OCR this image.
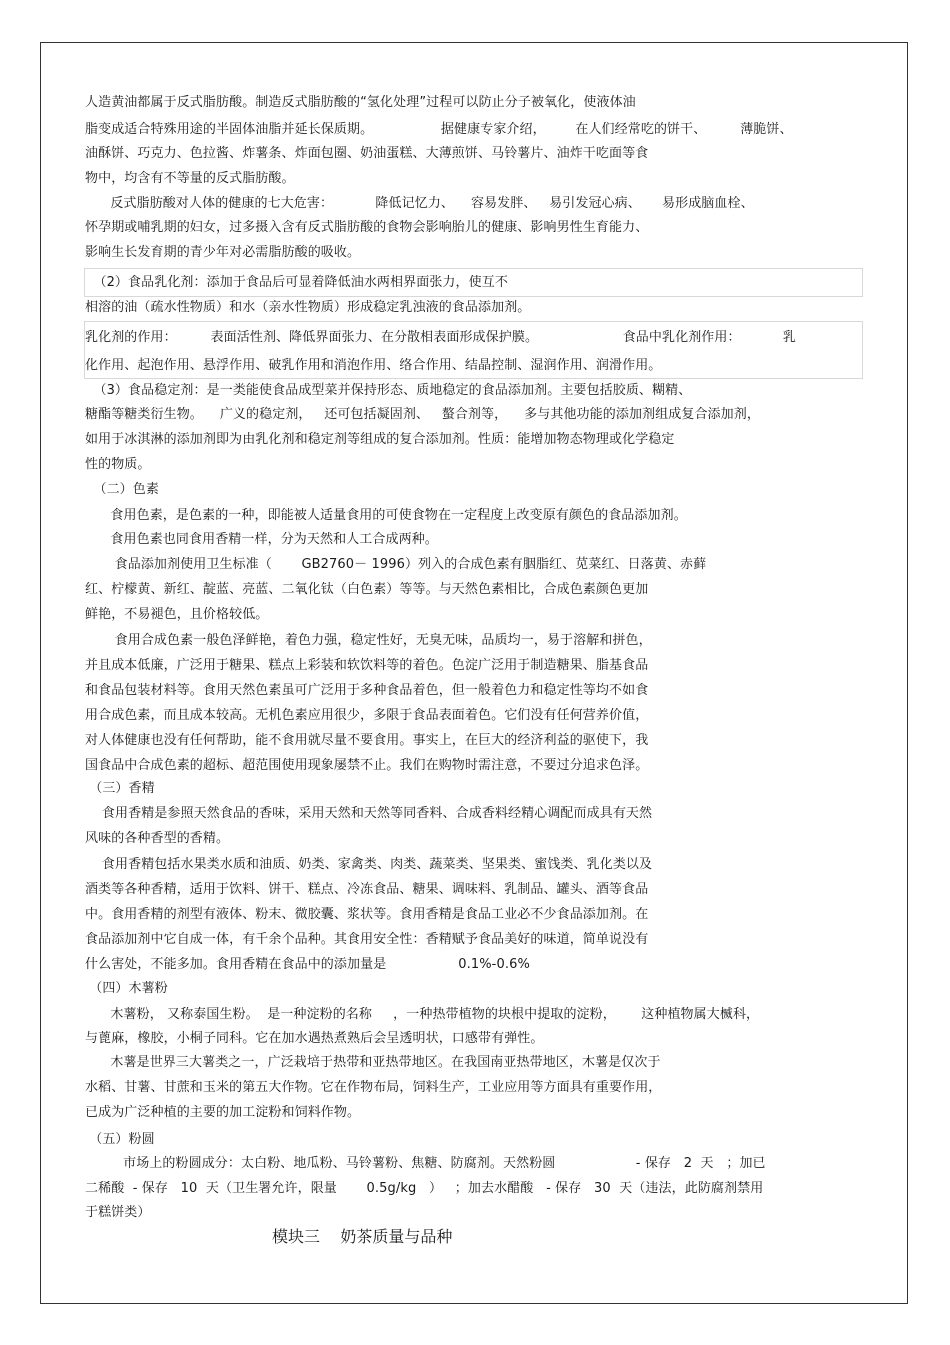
人造黄油都属于反式脂肪酸。制造反式脂肪酸的“氢化处理”过程可以防止分子被氧化，使液体油
脂变成适合特殊用途的半固体油脂并延长保质期。                据健康专家介绍，       在人们经常吃的饼干、        薄脆饼、
油酥饼、巧克力、色拉酱、炸薯条、炸面包圈、奶油蛋糕、大薄煎饼、马铃薯片、油炸干吃面等食
物中，均含有不等量的反式脂肪酸。
反式脂肪酸对人体的健康的七大危害：          降低记忆力、    容易发胖、   易引发冠心病、     易形成脑血栓、
怀孕期或哺乳期的妇女，过多摄入含有反式脂肪酸的食物会影响胎儿的健康、影响男性生育能力、
影响生长发育期的青少年对必需脂肪酸的吸收。
（2）食品乳化剂：添加于食品后可显着降低油水两相界面张力，使互不
相溶的油（疏水性物质）和水（亲水性物质）形成稳定乳浊液的食品添加剂。
乳化剂的作用：        表面活性剂、降低界面张力、在分散相表面形成保护膜。                    食品中乳化剂作用：          乳
化作用、起泡作用、悬浮作用、破乳作用和消泡作用、络合作用、结晶控制、湿润作用、润滑作用。
（3）食品稳定剂：是一类能使食品成型菜并保持形态、质地稳定的食品添加剂。主要包括胶质、糊精、
糖酯等糖类衍生物。    广义的稳定剂，   还可包括凝固剂、   螯合剂等，    多与其他功能的添加剂组成复合添加剂，
如用于冰淇淋的添加剂即为由乳化剂和稳定剂等组成的复合添加剂。性质：能增加物态物理或化学稳定
性的物质。
（二）色素
食用色素，是色素的一种，即能被人适量食用的可使食物在一定程度上改变原有颜色的食品添加剂。
食用色素也同食用香精一样，分为天然和人工合成两种。
食品添加剂使用卫生标准（       GB2760－ 1996）列入的合成色素有胭脂红、苋菜红、日落黄、赤藓
红、柠檬黄、新红、靛蓝、亮蓝、二氧化钛（白色素）等等。与天然色素相比，合成色素颜色更加
鲜艳，不易褪色，且价格较低。
食用合成色素一般色泽鲜艳，着色力强，稳定性好，无臭无味，品质均一，易于溶解和拼色，
并且成本低廉，广泛用于糖果、糕点上彩装和软饮料等的着色。色淀广泛用于制造糖果、脂基食品
和食品包装材料等。食用天然色素虽可广泛用于多种食品着色，但一般着色力和稳定性等均不如食
用合成色素，而且成本较高。无机色素应用很少，多限于食品表面着色。它们没有任何营养价值，
对人体健康也没有任何帮助，能不食用就尽量不要食用。事实上，在巨大的经济利益的驱使下，我
国食品中合成色素的超标、超范围使用现象屡禁不止。我们在购物时需注意，不要过分追求色泽。
（三）香精
食用香精是参照天然食品的香味，采用天然和天然等同香料、合成香料经精心调配而成具有天然
风味的各种香型的香精。
食用香精包括水果类水质和油质、奶类、家禽类、肉类、蔬菜类、坚果类、蜜饯类、乳化类以及
酒类等各种香精，适用于饮料、饼干、糕点、冷冻食品、糖果、调味料、乳制品、罐头、酒等食品
中。食用香精的剂型有液体、粉末、微胶囊、浆状等。食用香精是食品工业必不少食品添加剂。在
食品添加剂中它自成一体，有千余个品种。其食用安全性：香精赋予食品美好的味道，简单说没有
什么害处，不能多加。食用香精在食品中的添加量是                 0.1%-0.6%
（四）木薯粉
木薯粉， 又称泰国生粉。  是一种淀粉的名称     ，一种热带植物的块根中提取的淀粉，      这种植物属大楲科，
与蓖麻，橡胶，小桐子同科。它在加水遇热煮熟后会呈透明状，口感带有弹性。
木薯是世界三大薯类之一，广泛栽培于热带和亚热带地区。在我国南亚热带地区，木薯是仅次于
水稻、甘薯、甘蔗和玉米的第五大作物。它在作物布局，饲料生产，工业应用等方面具有重要作用，
已成为广泛种植的主要的加工淀粉和饲料作物。
（五）粉圆
市场上的粉圆成分：太白粉、地瓜粉、马铃薯粉、焦糖、防腐剂。天然粉圆                   - 保存   2  天   ；加已
二稀酸  - 保存   10  天（卫生署允许，限量       0.5g/kg   ）   ；加去水醋酸   - 保存   30  天（违法，此防腐剂禁用
于糕饼类）
模块三    奶茶质量与品种
